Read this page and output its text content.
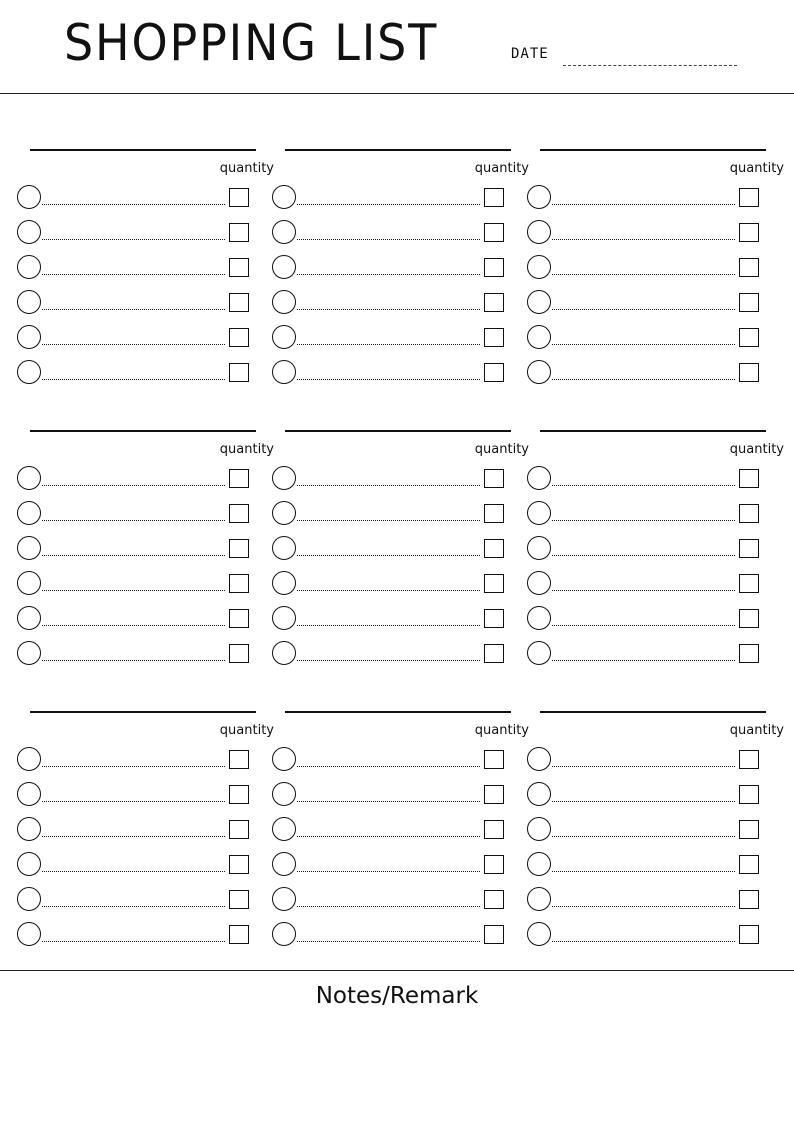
SHOPPING LIST	DATE
quantity	quantity	quantity
quantity	quantity	quantity
quantity	quantity	quantity
Notes/Remark
